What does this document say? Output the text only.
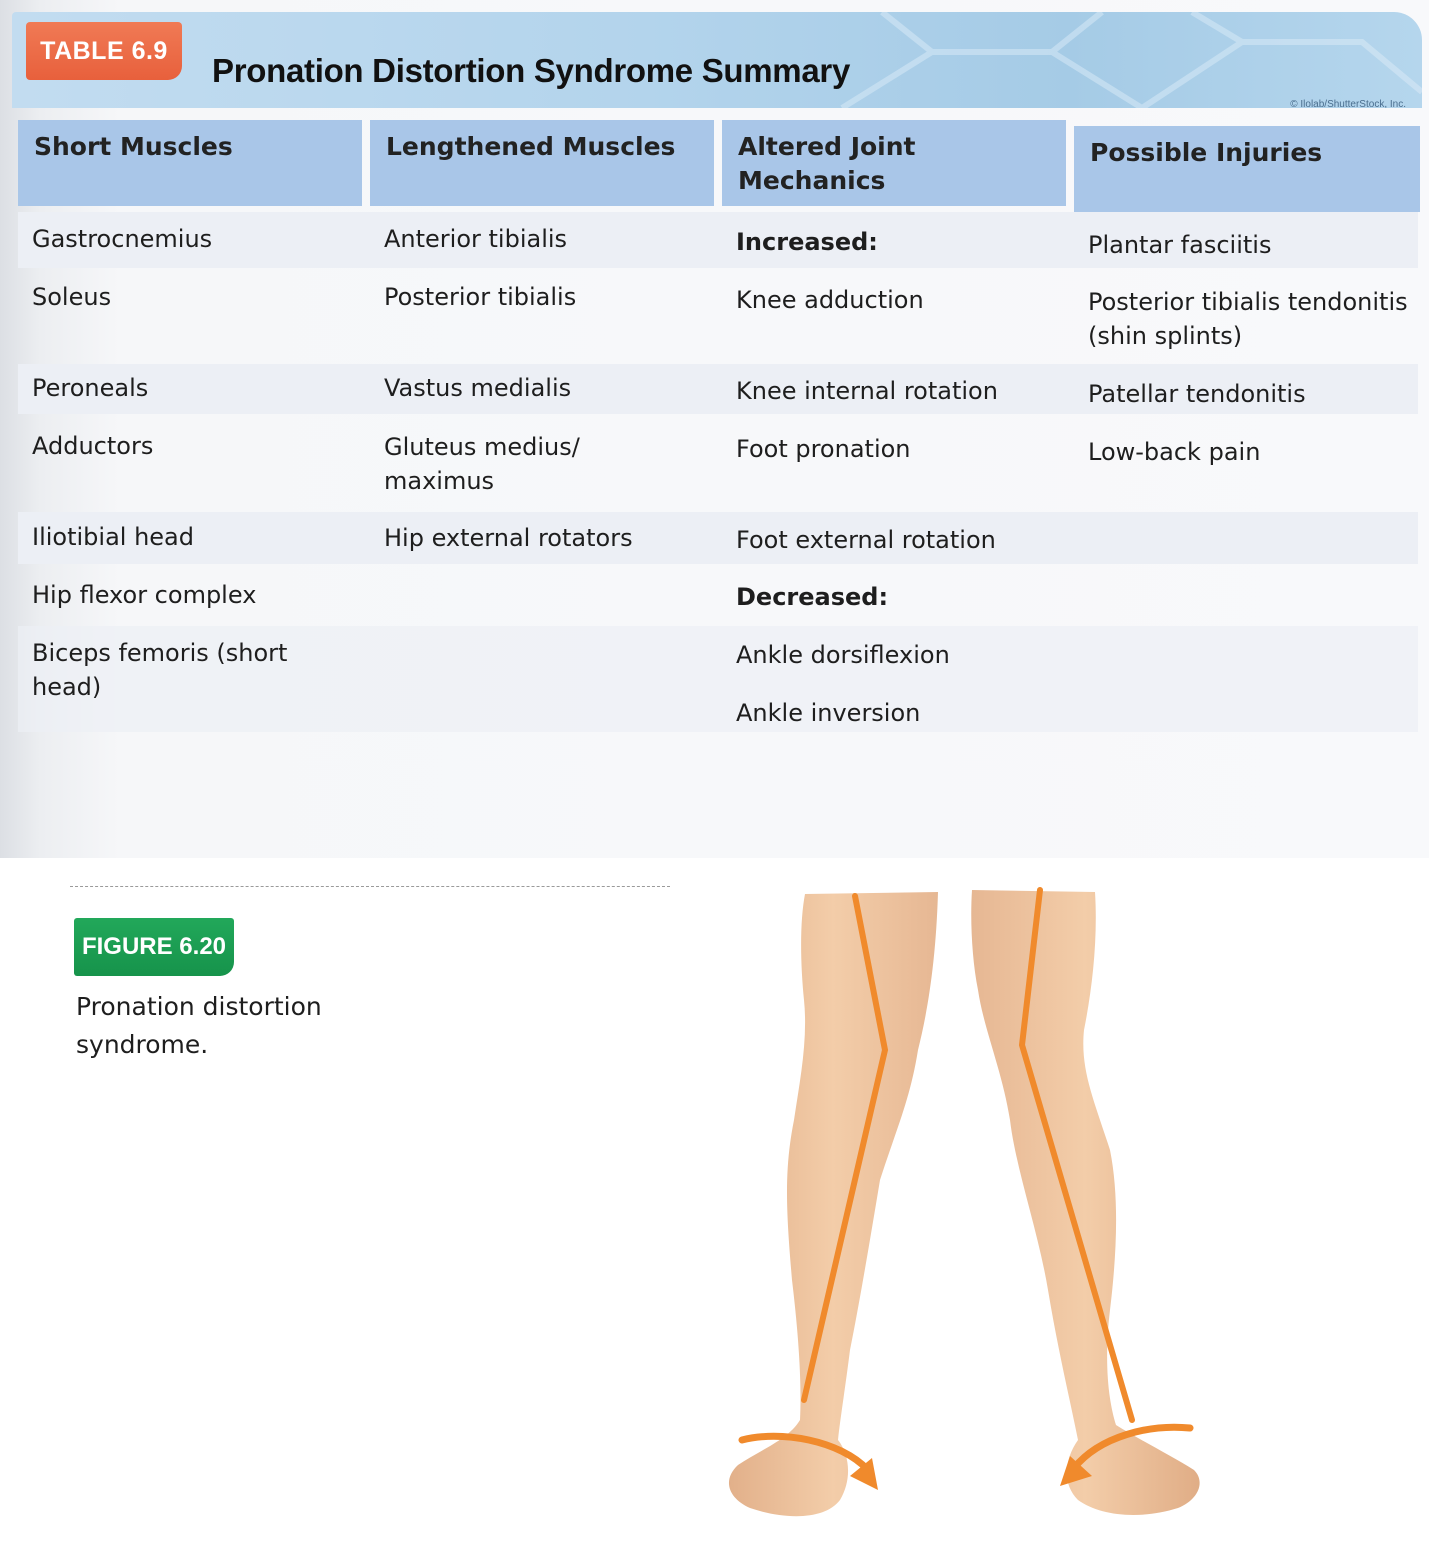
TABLE 6.9
Pronation Distortion Syndrome Summary
© Ilolab/ShutterStock, Inc.
Short Muscles	Lengthened Muscles	Altered Joint Mechanics
Possible Injuries
Gastrocnemius
Soleus
Peroneals
Adductors
Iliotibial head
Hip flexor complex
Biceps femoris (short head)
Anterior tibialis
Posterior tibialis
Vastus medialis
Gluteus medius/ maximus
Hip external rotators
Increased:
Knee adduction
Knee internal rotation
Foot pronation
Foot external rotation
Decreased:
Ankle dorsiflexion
Ankle inversion
Plantar fasciitis
Posterior tibialis tendonitis (shin splints)
Patellar tendonitis
Low-back pain
FIGURE 6.20
Pronation distortion syndrome.
